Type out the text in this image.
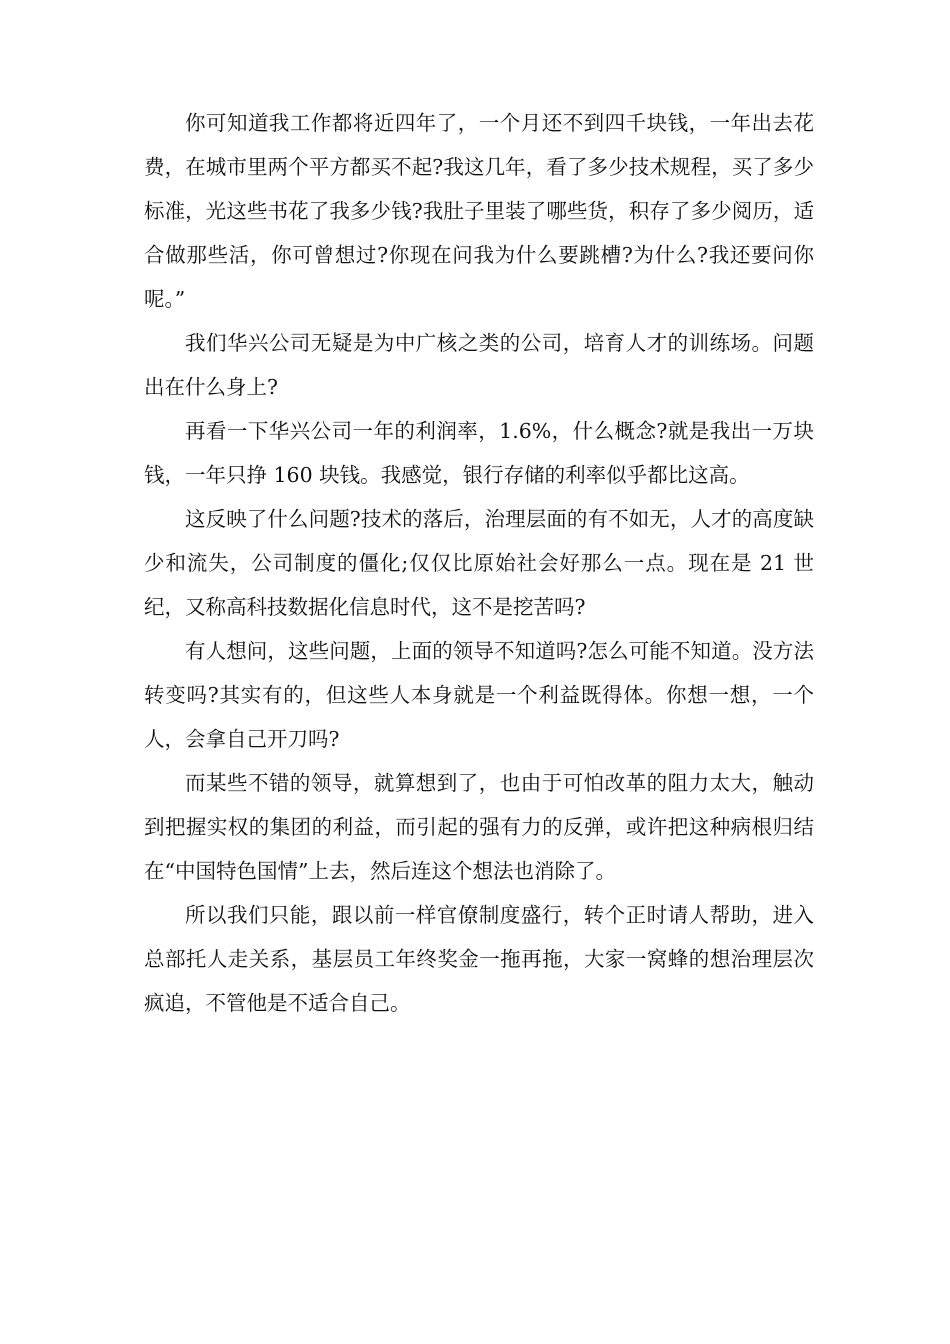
你可知道我工作都将近四年了，一个月还不到四千块钱，一年出去花费，在城市里两个平方都买不起?我这几年，看了多少技术规程，买了多少标准，光这些书花了我多少钱?我肚子里装了哪些货，积存了多少阅历，适合做那些活，你可曾想过?你现在问我为什么要跳槽?为什么?我还要问你呢。”

我们华兴公司无疑是为中广核之类的公司，培育人才的训练场。问题出在什么身上?

再看一下华兴公司一年的利润率，1.6%，什么概念?就是我出一万块钱，一年只挣 160 块钱。我感觉，银行存储的利率似乎都比这高。

这反映了什么问题?技术的落后，治理层面的有不如无，人才的高度缺少和流失，公司制度的僵化;仅仅比原始社会好那么一点。现在是 21 世纪，又称高科技数据化信息时代，这不是挖苦吗?

有人想问，这些问题，上面的领导不知道吗?怎么可能不知道。没方法转变吗?其实有的，但这些人本身就是一个利益既得体。你想一想，一个人，会拿自己开刀吗?

而某些不错的领导，就算想到了，也由于可怕改革的阻力太大，触动到把握实权的集团的利益，而引起的强有力的反弹，或许把这种病根归结在“中国特色国情”上去，然后连这个想法也消除了。

所以我们只能，跟以前一样官僚制度盛行，转个正时请人帮助，进入总部托人走关系，基层员工年终奖金一拖再拖，大家一窝蜂的想治理层次疯追，不管他是不适合自己。
